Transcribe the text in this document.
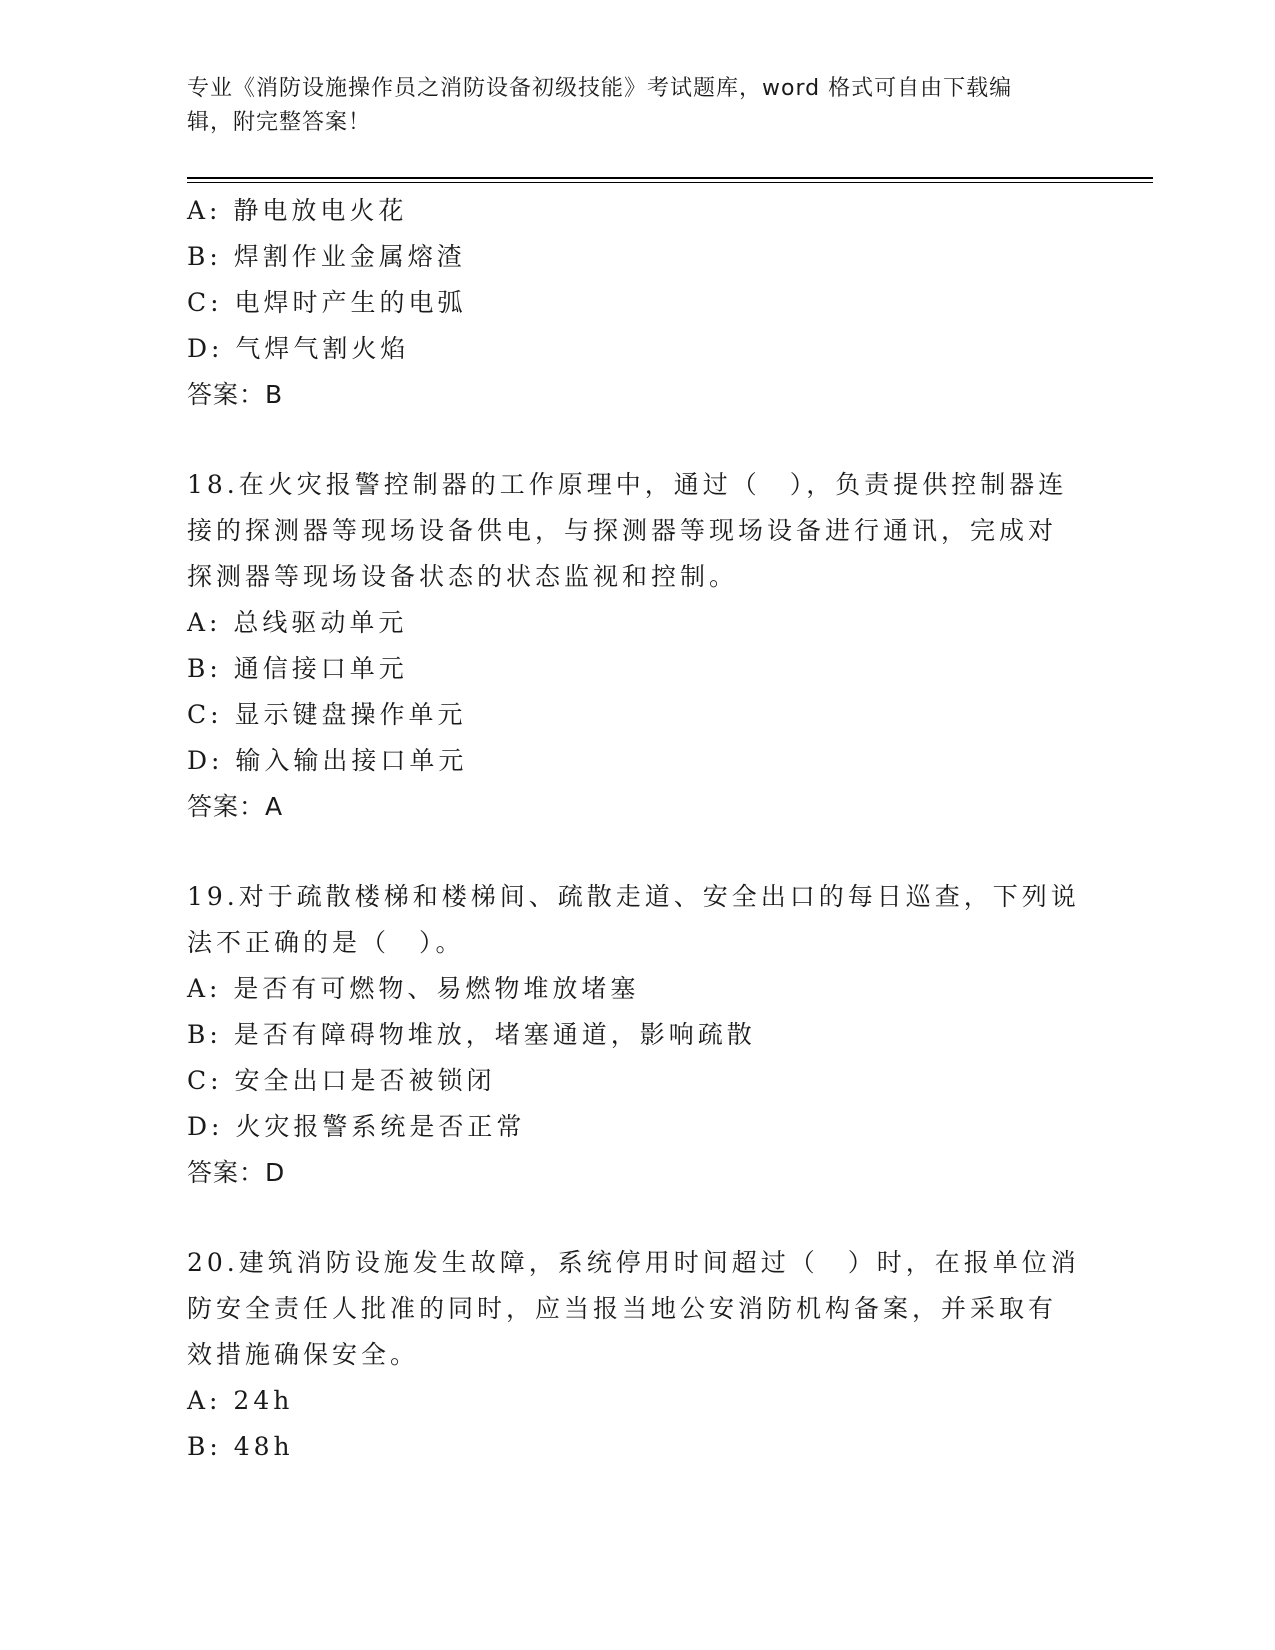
专业《消防设施操作员之消防设备初级技能》考试题库，word 格式可自由下载编
辑，附完整答案！
A: 静电放电火花
B: 焊割作业金属熔渣
C: 电焊时产生的电弧
D: 气焊气割火焰
答案：B
18.在火灾报警控制器的工作原理中，通过（　），负责提供控制器连
接的探测器等现场设备供电，与探测器等现场设备进行通讯，完成对
探测器等现场设备状态的状态监视和控制。
A: 总线驱动单元
B: 通信接口单元
C: 显示键盘操作单元
D: 输入输出接口单元
答案：A
19.对于疏散楼梯和楼梯间、疏散走道、安全出口的每日巡查，下列说
法不正确的是（　）。
A: 是否有可燃物、易燃物堆放堵塞
B: 是否有障碍物堆放，堵塞通道，影响疏散
C: 安全出口是否被锁闭
D: 火灾报警系统是否正常
答案：D
20.建筑消防设施发生故障，系统停用时间超过（　）时，在报单位消
防安全责任人批准的同时，应当报当地公安消防机构备案，并采取有
效措施确保安全。
A: 24h
B: 48h
